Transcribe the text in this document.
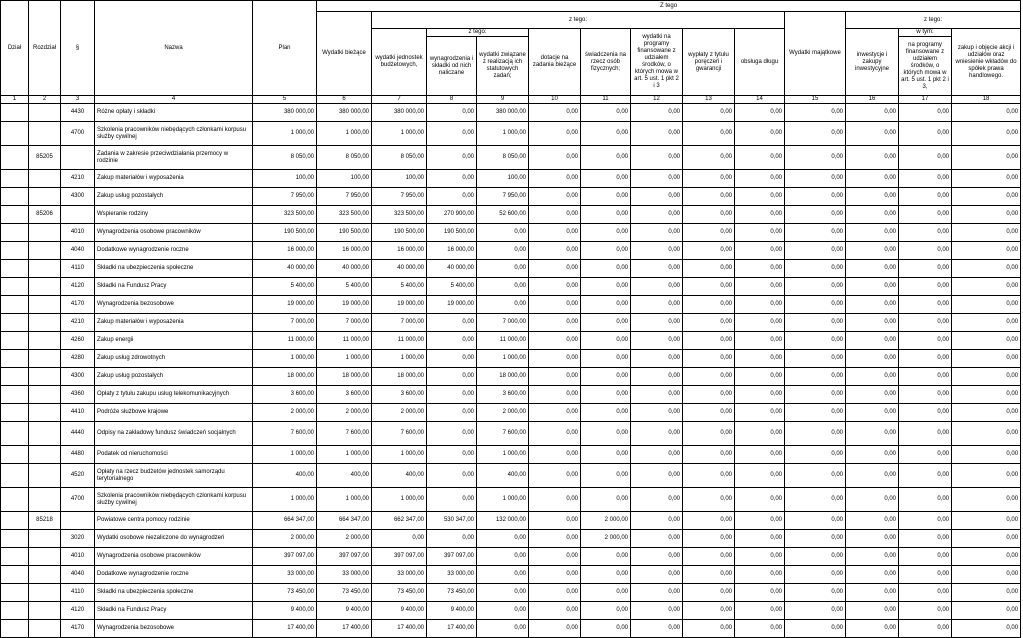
Dział	Rozdział	§	Nazwa	Plan	Z tego												
					Wydatki bieżące	z tego:								Wydatki majątkowe	z tego:		
						wydatki jednostek budżetowych,	z tego:		dotacje na zadania bieżące	świadczenia na rzecz osób fizycznych;	wydatki na programy finansowane z udziałem środków, o których mowa w art. 5 ust. 1 pkt 2 i 3	wypłaty z tytułu poręczeń i gwarancji	obsługa długu		inwestycje i zakupy inwestycyjne	w tym:	zakup i objęcie akcji i udziałów oraz wniesienie wkładów do spółek prawa handlowego.
							wynagrodzenia i składki od nich naliczane	wydatki związane z realizacją ich statutowych zadań;								na programy finansowane z udziałem środków, o których mowa w art. 5 ust. 1 pkt 2 i 3,	
1	2	3	4	5	6	7	8	9	10	11	12	13	14	15	16	17	18
		4430	Różne opłaty i składki	380 000,00	380 000,00	380 000,00	0,00	380 000,00	0,00	0,00	0,00	0,00	0,00	0,00	0,00	0,00	0,00
		4700	Szkolenia pracowników niebędących członkami korpusu służby cywilnej	1 000,00	1 000,00	1 000,00	0,00	1 000,00	0,00	0,00	0,00	0,00	0,00	0,00	0,00	0,00	0,00
	85205		Zadania w zakresie przeciwdziałania przemocy w rodzinie	8 050,00	8 050,00	8 050,00	0,00	8 050,00	0,00	0,00	0,00	0,00	0,00	0,00	0,00	0,00	0,00
		4210	Zakup materiałów i wyposażenia	100,00	100,00	100,00	0,00	100,00	0,00	0,00	0,00	0,00	0,00	0,00	0,00	0,00	0,00
		4300	Zakup usług pozostałych	7 950,00	7 950,00	7 950,00	0,00	7 950,00	0,00	0,00	0,00	0,00	0,00	0,00	0,00	0,00	0,00
	85206		Wspieranie rodziny	323 500,00	323 500,00	323 500,00	270 900,00	52 600,00	0,00	0,00	0,00	0,00	0,00	0,00	0,00	0,00	0,00
		4010	Wynagrodzenia osobowe pracowników	190 500,00	190 500,00	190 500,00	190 500,00	0,00	0,00	0,00	0,00	0,00	0,00	0,00	0,00	0,00	0,00
		4040	Dodatkowe wynagrodzenie roczne	16 000,00	16 000,00	16 000,00	16 000,00	0,00	0,00	0,00	0,00	0,00	0,00	0,00	0,00	0,00	0,00
		4110	Składki na ubezpieczenia społeczne	40 000,00	40 000,00	40 000,00	40 000,00	0,00	0,00	0,00	0,00	0,00	0,00	0,00	0,00	0,00	0,00
		4120	Składki na Fundusz Pracy	5 400,00	5 400,00	5 400,00	5 400,00	0,00	0,00	0,00	0,00	0,00	0,00	0,00	0,00	0,00	0,00
		4170	Wynagrodzenia bezosobowe	19 000,00	19 000,00	19 000,00	19 000,00	0,00	0,00	0,00	0,00	0,00	0,00	0,00	0,00	0,00	0,00
		4210	Zakup materiałów i wyposażenia	7 000,00	7 000,00	7 000,00	0,00	7 000,00	0,00	0,00	0,00	0,00	0,00	0,00	0,00	0,00	0,00
		4260	Zakup energii	11 000,00	11 000,00	11 000,00	0,00	11 000,00	0,00	0,00	0,00	0,00	0,00	0,00	0,00	0,00	0,00
		4280	Zakup usług zdrowotnych	1 000,00	1 000,00	1 000,00	0,00	1 000,00	0,00	0,00	0,00	0,00	0,00	0,00	0,00	0,00	0,00
		4300	Zakup usług pozostałych	18 000,00	18 000,00	18 000,00	0,00	18 000,00	0,00	0,00	0,00	0,00	0,00	0,00	0,00	0,00	0,00
		4360	Opłaty z tytułu zakupu usług telekomunikacyjnych	3 600,00	3 600,00	3 600,00	0,00	3 600,00	0,00	0,00	0,00	0,00	0,00	0,00	0,00	0,00	0,00
		4410	Podróże służbowe krajowe	2 000,00	2 000,00	2 000,00	0,00	2 000,00	0,00	0,00	0,00	0,00	0,00	0,00	0,00	0,00	0,00
		4440	Odpisy na zakładowy fundusz świadczeń socjalnych	7 600,00	7 600,00	7 600,00	0,00	7 600,00	0,00	0,00	0,00	0,00	0,00	0,00	0,00	0,00	0,00
		4480	Podatek od nieruchomości	1 000,00	1 000,00	1 000,00	0,00	1 000,00	0,00	0,00	0,00	0,00	0,00	0,00	0,00	0,00	0,00
		4520	Opłaty na rzecz budżetów jednostek samorządu terytorialnego	400,00	400,00	400,00	0,00	400,00	0,00	0,00	0,00	0,00	0,00	0,00	0,00	0,00	0,00
		4700	Szkolenia pracowników niebędących członkami korpusu służby cywilnej	1 000,00	1 000,00	1 000,00	0,00	1 000,00	0,00	0,00	0,00	0,00	0,00	0,00	0,00	0,00	0,00
	85218		Powiatowe centra pomocy rodzinie	664 347,00	664 347,00	662 347,00	530 347,00	132 000,00	0,00	2 000,00	0,00	0,00	0,00	0,00	0,00	0,00	0,00
		3020	Wydatki osobowe niezaliczone do wynagrodzeń	2 000,00	2 000,00	0,00	0,00	0,00	0,00	2 000,00	0,00	0,00	0,00	0,00	0,00	0,00	0,00
		4010	Wynagrodzenia osobowe pracowników	397 097,00	397 097,00	397 097,00	397 097,00	0,00	0,00	0,00	0,00	0,00	0,00	0,00	0,00	0,00	0,00
		4040	Dodatkowe wynagrodzenie roczne	33 000,00	33 000,00	33 000,00	33 000,00	0,00	0,00	0,00	0,00	0,00	0,00	0,00	0,00	0,00	0,00
		4110	Składki na ubezpieczenia społeczne	73 450,00	73 450,00	73 450,00	73 450,00	0,00	0,00	0,00	0,00	0,00	0,00	0,00	0,00	0,00	0,00
		4120	Składki na Fundusz Pracy	9 400,00	9 400,00	9 400,00	9 400,00	0,00	0,00	0,00	0,00	0,00	0,00	0,00	0,00	0,00	0,00
		4170	Wynagrodzenia bezosobowe	17 400,00	17 400,00	17 400,00	17 400,00	0,00	0,00	0,00	0,00	0,00	0,00	0,00	0,00	0,00	0,00
